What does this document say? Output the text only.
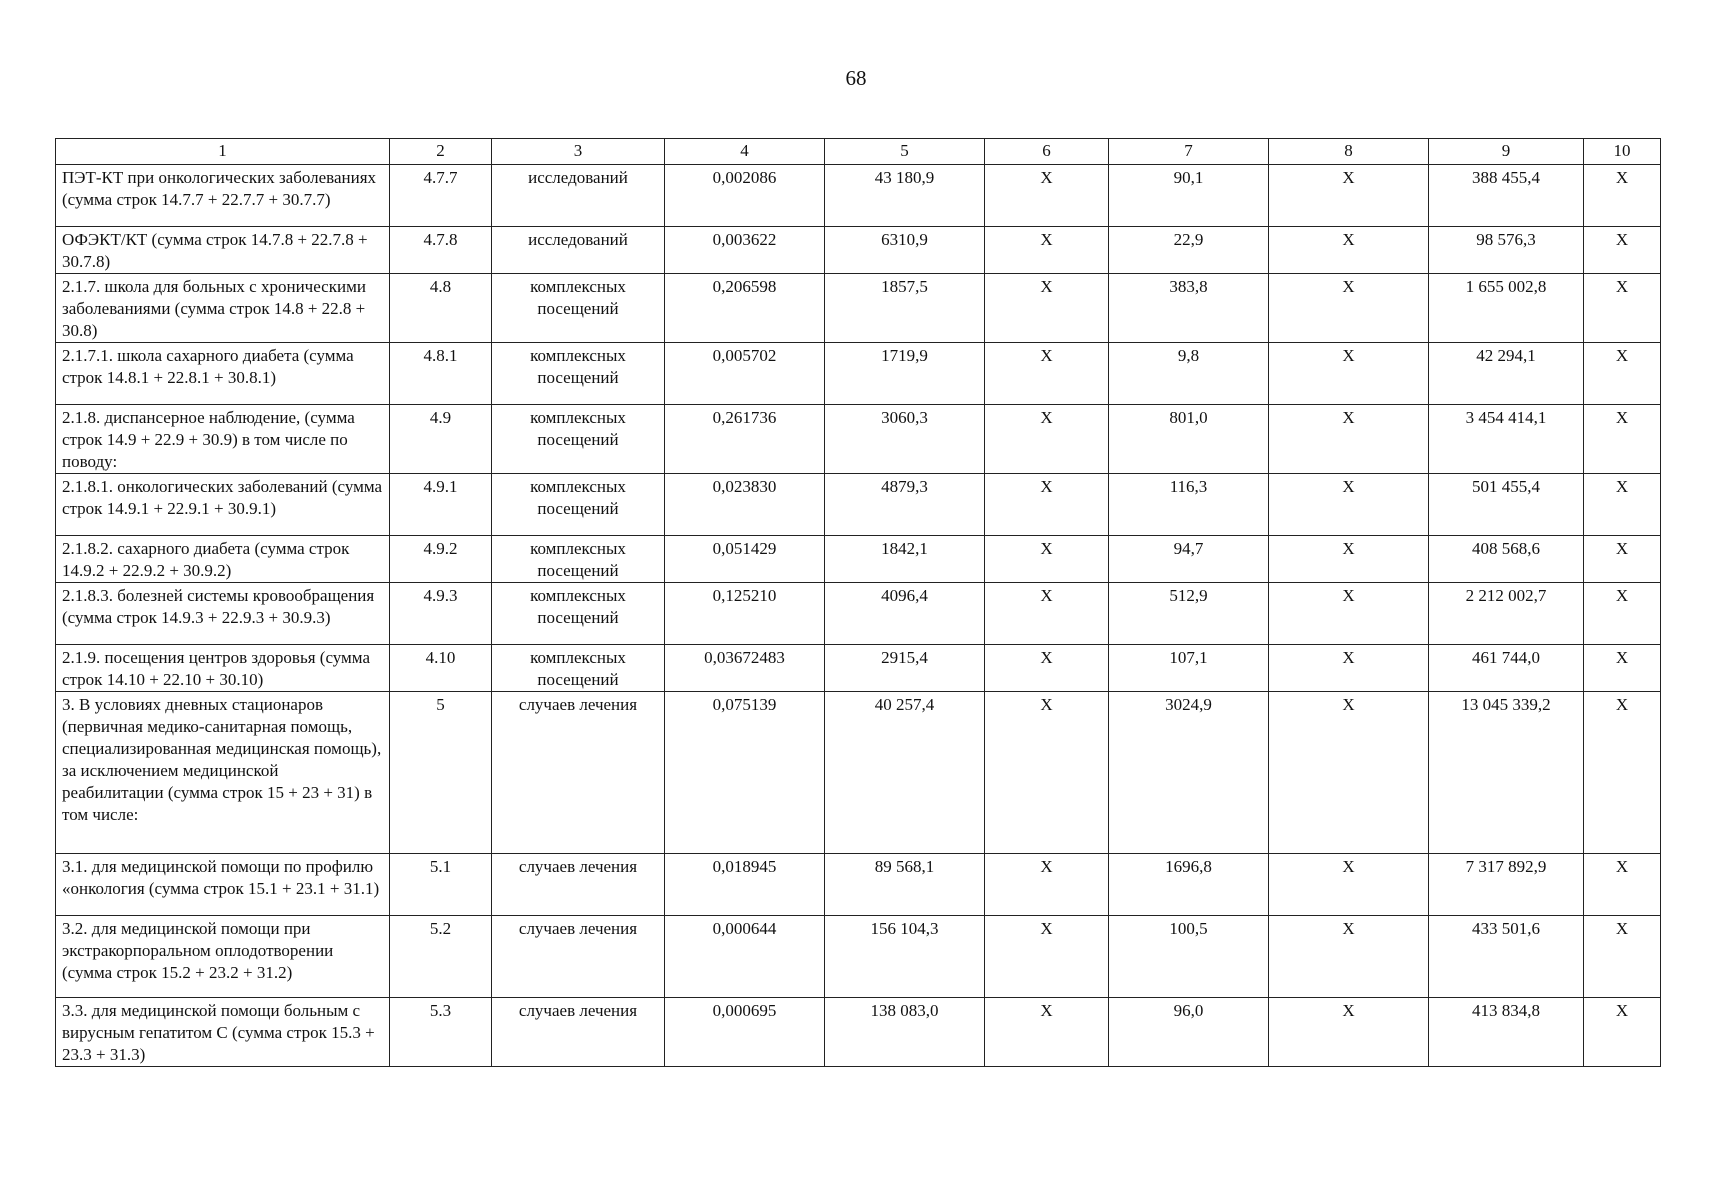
68
1	2	3	4	5	6	7	8	9	10
ПЭТ-КТ при онкологических заболеваниях (сумма строк 14.7.7 + 22.7.7 + 30.7.7)	4.7.7	исследований	0,002086	43 180,9	Х	90,1	Х	388 455,4	Х
ОФЭКТ/КТ (сумма строк 14.7.8 + 22.7.8 + 30.7.8)	4.7.8	исследований	0,003622	6310,9	Х	22,9	Х	98 576,3	Х
2.1.7. школа для больных с хроническими заболеваниями (сумма строк 14.8 + 22.8 + 30.8)	4.8	комплексных посещений	0,206598	1857,5	Х	383,8	Х	1 655 002,8	Х
2.1.7.1. школа сахарного диабета (сумма строк 14.8.1 + 22.8.1 + 30.8.1)	4.8.1	комплексных посещений	0,005702	1719,9	Х	9,8	Х	42 294,1	Х
2.1.8. диспансерное наблюдение, (сумма строк 14.9 + 22.9 + 30.9) в том числе по поводу:	4.9	комплексных посещений	0,261736	3060,3	Х	801,0	Х	3 454 414,1	Х
2.1.8.1. онкологических заболеваний (сумма строк 14.9.1 + 22.9.1 + 30.9.1)	4.9.1	комплексных посещений	0,023830	4879,3	Х	116,3	Х	501 455,4	Х
2.1.8.2. сахарного диабета (сумма строк 14.9.2 + 22.9.2 + 30.9.2)	4.9.2	комплексных посещений	0,051429	1842,1	Х	94,7	Х	408 568,6	Х
2.1.8.3. болезней системы кровообращения (сумма строк 14.9.3 + 22.9.3 + 30.9.3)	4.9.3	комплексных посещений	0,125210	4096,4	Х	512,9	Х	2 212 002,7	Х
2.1.9. посещения центров здоровья (сумма строк 14.10 + 22.10 + 30.10)	4.10	комплексных посещений	0,03672483	2915,4	Х	107,1	Х	461 744,0	Х
3. В условиях дневных стационаров (первичная медико-санитарная помощь, специализированная медицинская помощь), за исключением медицинской реабилитации (сумма строк 15 + 23 + 31) в том числе:	5	случаев лечения	0,075139	40 257,4	Х	3024,9	Х	13 045 339,2	Х
3.1. для медицинской помощи по профилю «онкология (сумма строк 15.1 + 23.1 + 31.1)	5.1	случаев лечения	0,018945	89 568,1	Х	1696,8	Х	7 317 892,9	Х
3.2. для медицинской помощи при экстракорпоральном оплодотворении (сумма строк 15.2 + 23.2 + 31.2)	5.2	случаев лечения	0,000644	156 104,3	Х	100,5	Х	433 501,6	Х
3.3. для медицинской помощи больным с вирусным гепатитом С (сумма строк 15.3 + 23.3 + 31.3)	5.3	случаев лечения	0,000695	138 083,0	Х	96,0	Х	413 834,8	Х
